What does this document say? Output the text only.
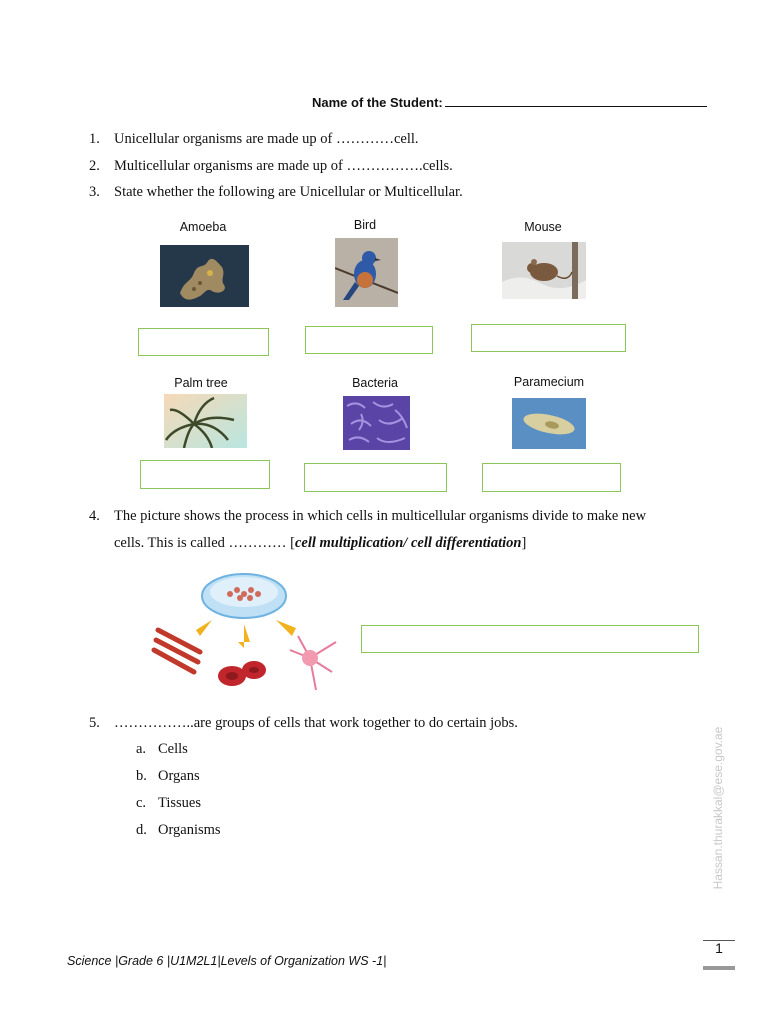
Name of the Student:
1. Unicellular organisms are made up of …………cell.
2. Multicellular organisms are made up of …………….cells.
3. State whether the following are Unicellular or Multicellular.
Amoeba	Bird	Mouse
Palm tree	Bacteria	Paramecium
4. The picture shows the process in which cells in multicellular organisms divide to make new
cells. This is called ………… [cell multiplication/ cell differentiation]
5. ……………..are groups of cells that work together to do certain jobs.
a. Cells
b. Organs
c. Tissues
d. Organisms	Hassan.thurakkal@ese.gov.ae
Science |Grade 6 |U1M2L1|Levels of Organization WS -1|
1
